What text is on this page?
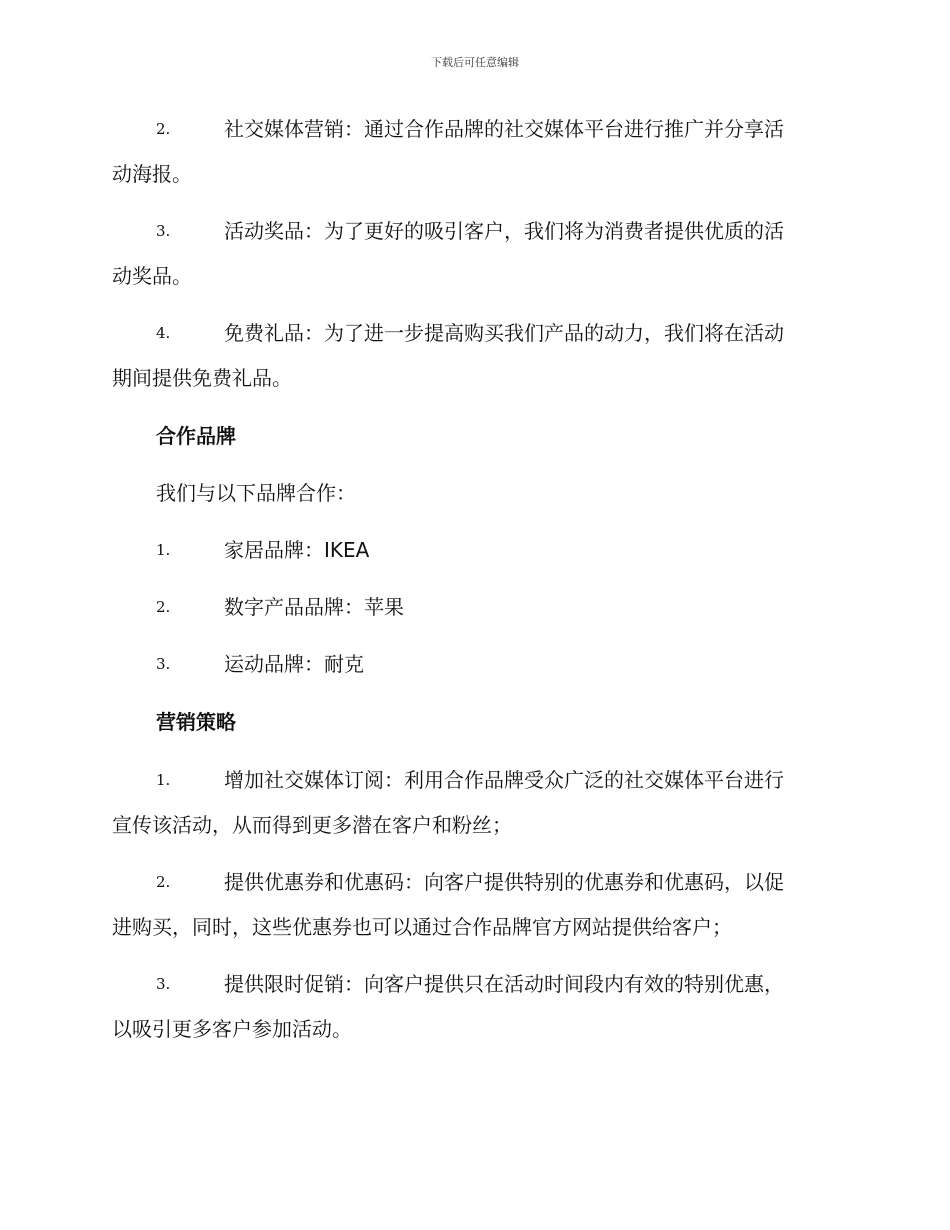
下载后可任意编辑
2.	社交媒体营销：通过合作品牌的社交媒体平台进行推广并分享活
动海报。
3.	活动奖品：为了更好的吸引客户，我们将为消费者提供优质的活
动奖品。
4.	免费礼品：为了进一步提高购买我们产品的动力，我们将在活动
期间提供免费礼品。
合作品牌
我们与以下品牌合作：
1.	家居品牌：IKEA
2.	数字产品品牌：苹果
3.	运动品牌：耐克
营销策略
1.	增加社交媒体订阅：利用合作品牌受众广泛的社交媒体平台进行
宣传该活动，从而得到更多潜在客户和粉丝；
2.	提供优惠券和优惠码：向客户提供特别的优惠券和优惠码，以促
进购买，同时，这些优惠券也可以通过合作品牌官方网站提供给客户；
3.	提供限时促销：向客户提供只在活动时间段内有效的特别优惠，
以吸引更多客户参加活动。
